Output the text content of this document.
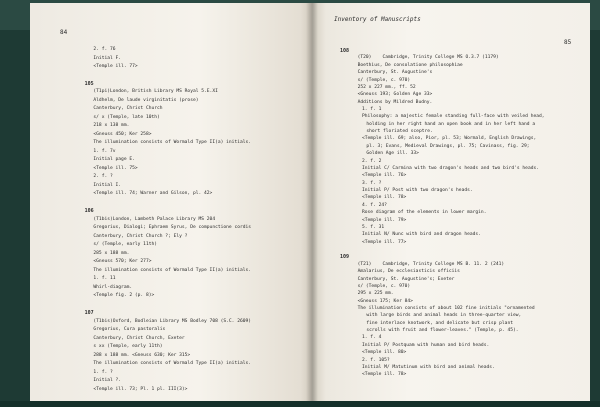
84
2. f. 76
Initial F.
<Temple ill. 77>
105
(T1pi)London, British Library MS Royal 5.E.XI
Aldhelm, De laude virginitatis (prose)
Canterbury, Christ Church
s/ x (Temple, late 10th)
218 x 138 mm.
<Gneuss 450; Ker 258>
The illumination consists of Wormald Type II(a) initials.
1. f. 7v
Initial page E.
<Temple ill. 75>
2. f. ?
Initial I.
<Temple ill. 74; Warner and Gilson, pl. 42>
106
(T1bis)London, Lambeth Palace Library MS 204
Gregorius, Dialogi; Ephraem Syrus, De compunctione cordis
Canterbury, Christ Church ?; Ely ?
s/ (Temple, early 11th)
285 x 188 mm.
<Gneuss 570; Ker 277>
The illumination consists of Wormald Type II(a) initials.
1. f. 11
Whirl-diagram.
<Temple fig. 2 (p. 8)>
107
(T1bis)Oxford, Bodleian Library MS Bodley 708 (S.C. 2609)
Gregorius, Cura pastoralis
Canterbury, Christ Church, Exeter
s xx (Temple, early 11th)
288 x 188 mm. <Gneuss 630; Ker 315>
The illumination consists of Wormald Type II(a) initials.
1. f. ?
Initial ?.
<Temple ill. 73; Pl. 1 pl. III(3)>
Inventory of Manuscripts
85
108
(T20)    Cambridge, Trinity College MS O.3.7 (1179)
Boethius, De consolatione philosophiae
Canterbury, St. Augustine's
s/ (Temple, c. 970)
252 x 227 mm., ff. 52
<Gneuss 193; Golden Age 33>
Additions by Mildred Budny.
1. f. 1
Philosophy: a majestic female standing full-face with veiled head,
holding in her right hand an open book and in her left hand a
short floriated sceptre.
<Temple ill. 69; also, Pior, pl. 53; Wormald, English Drawings,
pl. 3; Evans, Medieval Drawings, pl. 75; Cavinass, fig. 29;
Golden Age ill. 33>
2. f. 2
Initial C/ Carmina with two dragon's heads and two bird's heads.
<Temple ill. 76>
3. f. ?
Initial P/ Post with two dragon's heads.
<Temple ill. 78>
4. f. 24?
Rose diagram of the elements in lower margin.
<Temple ill. 79>
5. f. 31
Initial N/ Nunc with bird and dragon heads.
<Temple ill. 77>
109
(T21)    Cambridge, Trinity College MS B. 11. 2 (241)
Amalarius, De ecclesiasticis officiis
Canterbury, St. Augustine's; Exeter
s/ (Temple, c. 970)
295 x 225 mm.
<Gneuss 175; Ker 84>
The illumination consists of about 102 fine initials "ornamented
with large birds and animal heads in three-quarter view,
fine interlace knotwork, and delicate but crisp plant
scrolls with fruit and flower-leaves." (Temple, p. 45).
1. f. 4
Initial P/ Postquam with human and bird heads.
<Temple ill. 80>
2. f. 105?
Initial M/ Matutinum with bird and animal heads.
<Temple ill. 78>
